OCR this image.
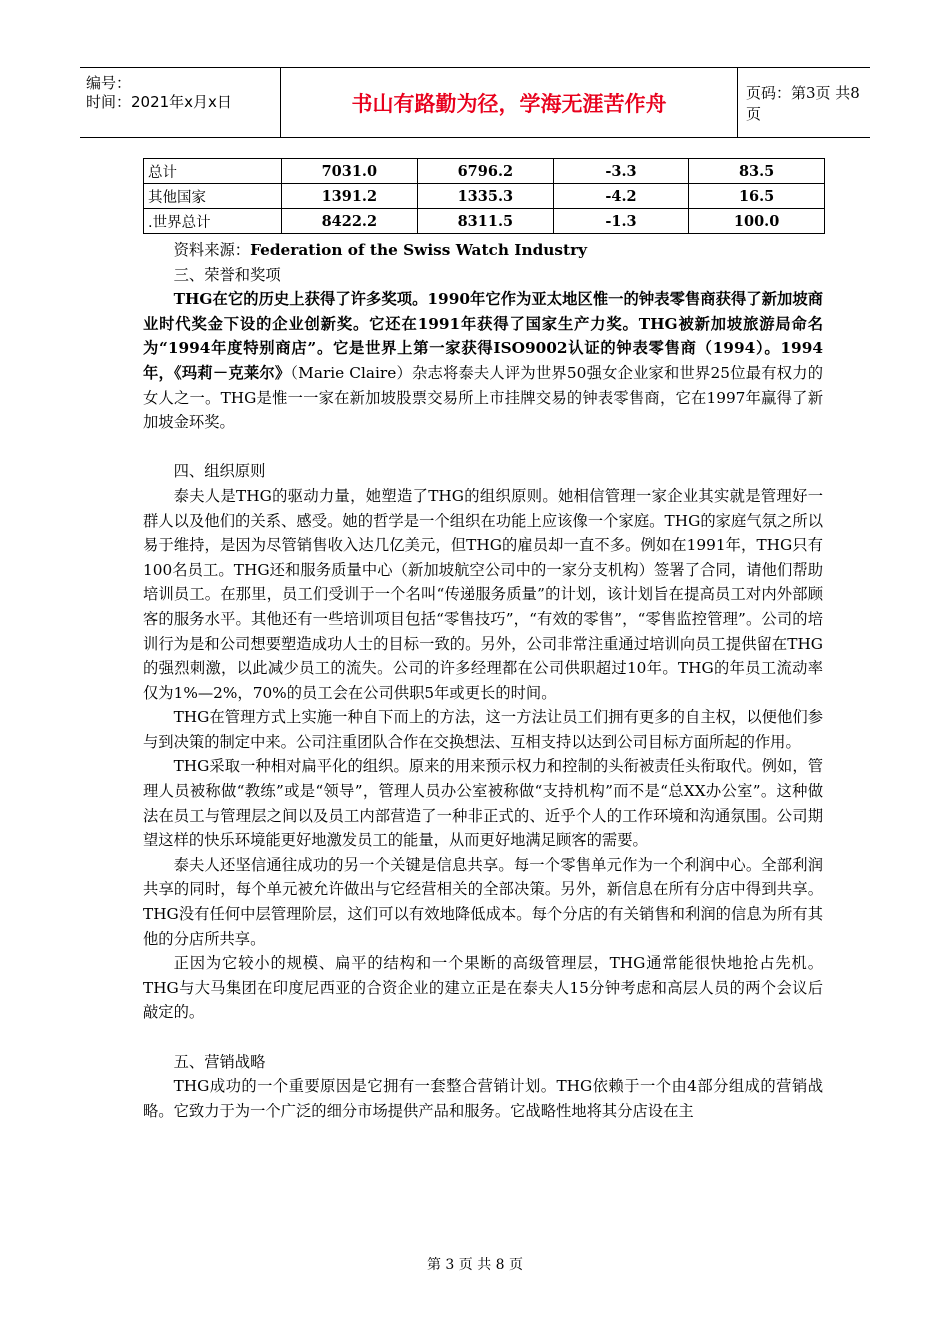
编号：
时间：2021年x月x日	书山有路勤为径，学海无涯苦作舟	页码：第3页 共8页
总计	7031.0	6796.2	-3.3	83.5
其他国家	1391.2	1335.3	-4.2	16.5
.世界总计	8422.2	8311.5	-1.3	100.0
资料来源：Federation of the Swiss Watch Industry
三、荣誉和奖项

THG在它的历史上获得了许多奖项。1990年它作为亚太地区惟一的钟表零售商获得了新加坡商业时代奖金下设的企业创新奖。它还在1991年获得了国家生产力奖。THG被新加坡旅游局命名为“1994年度特别商店”。它是世界上第一家获得ISO9002认证的钟表零售商（1994）。1994年，《玛莉－克莱尔》（Marie Claire）杂志将泰夫人评为世界50强女企业家和世界25位最有权力的女人之一。THG是惟一一家在新加坡股票交易所上市挂牌交易的钟表零售商，它在1997年赢得了新加坡金环奖。

四、组织原则

泰夫人是THG的驱动力量，她塑造了THG的组织原则。她相信管理一家企业其实就是管理好一群人以及他们的关系、感受。她的哲学是一个组织在功能上应该像一个家庭。THG的家庭气氛之所以易于维持，是因为尽管销售收入达几亿美元，但THG的雇员却一直不多。例如在1991年，THG只有100名员工。THG还和服务质量中心（新加坡航空公司中的一家分支机构）签署了合同，请他们帮助培训员工。在那里，员工们受训于一个名叫“传递服务质量”的计划，该计划旨在提高员工对内外部顾客的服务水平。其他还有一些培训项目包括“零售技巧”，“有效的零售”，“零售监控管理”。公司的培训行为是和公司想要塑造成功人士的目标一致的。另外，公司非常注重通过培训向员工提供留在THG的强烈刺激，以此减少员工的流失。公司的许多经理都在公司供职超过10年。THG的年员工流动率仅为1%—2%，70%的员工会在公司供职5年或更长的时间。

THG在管理方式上实施一种自下而上的方法，这一方法让员工们拥有更多的自主权，以便他们参与到决策的制定中来。公司注重团队合作在交换想法、互相支持以达到公司目标方面所起的作用。

THG采取一种相对扁平化的组织。原来的用来预示权力和控制的头衔被责任头衔取代。例如，管理人员被称做“教练”或是“领导”，管理人员办公室被称做“支持机构”而不是“总XX办公室”。这种做法在员工与管理层之间以及员工内部营造了一种非正式的、近乎个人的工作环境和沟通氛围。公司期望这样的快乐环境能更好地激发员工的能量，从而更好地满足顾客的需要。

泰夫人还坚信通往成功的另一个关键是信息共享。每一个零售单元作为一个利润中心。全部利润共享的同时，每个单元被允许做出与它经营相关的全部决策。另外，新信息在所有分店中得到共享。THG没有任何中层管理阶层，这们可以有效地降低成本。每个分店的有关销售和利润的信息为所有其他的分店所共享。

正因为它较小的规模、扁平的结构和一个果断的高级管理层，THG通常能很快地抢占先机。THG与大马集团在印度尼西亚的合资企业的建立正是在泰夫人15分钟考虑和高层人员的两个会议后敲定的。

五、营销战略

THG成功的一个重要原因是它拥有一套整合营销计划。THG依赖于一个由4部分组成的营销战略。它致力于为一个广泛的细分市场提供产品和服务。它战略性地将其分店设在主

第 3 页 共 8 页
